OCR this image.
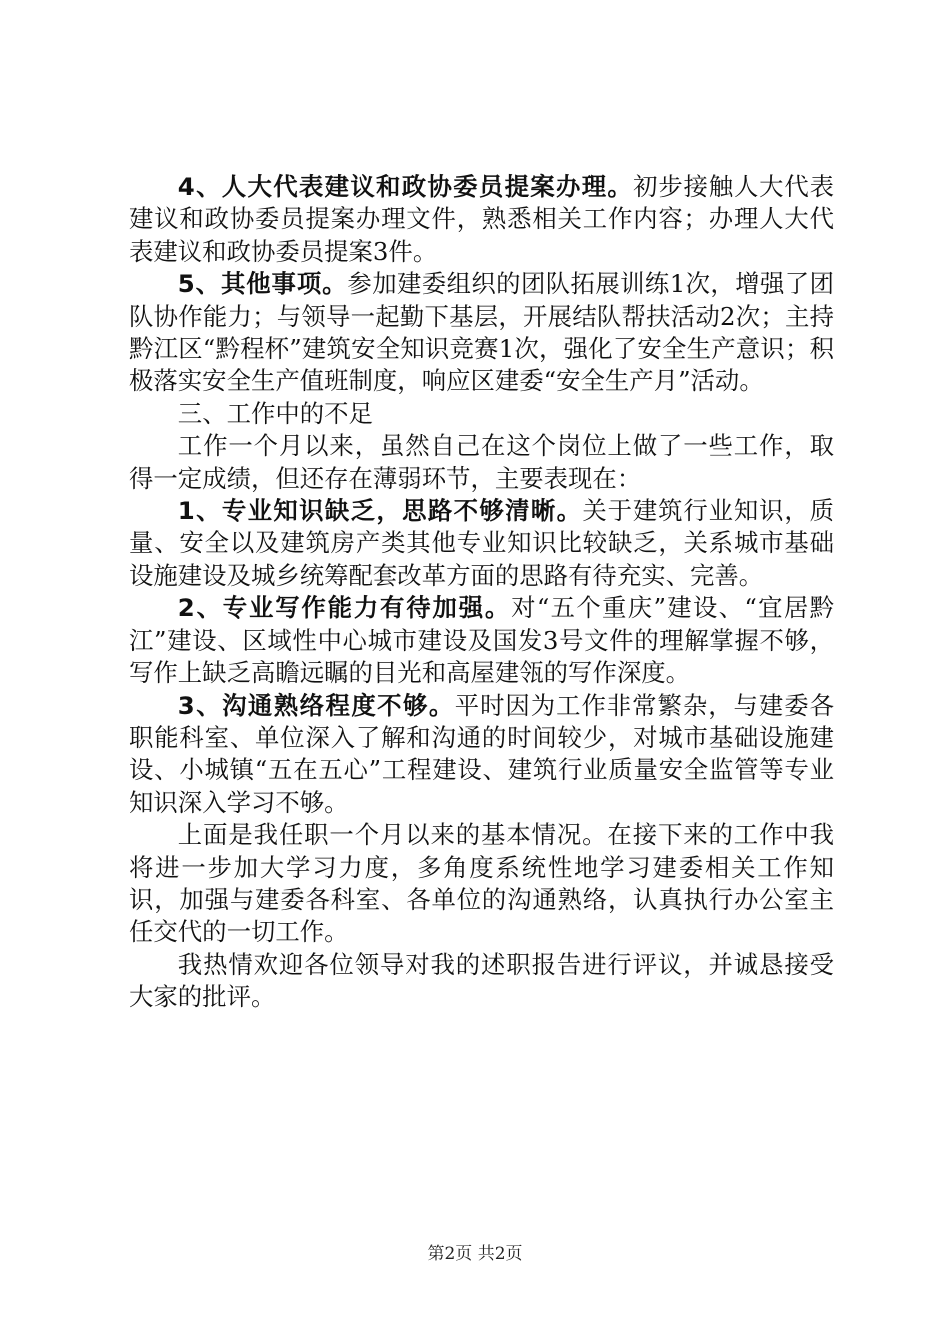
4、人大代表建议和政协委员提案办理。初步接触人大代表建议和政协委员提案办理文件，熟悉相关工作内容；办理人大代表建议和政协委员提案3件。

5、其他事项。参加建委组织的团队拓展训练1次，增强了团队协作能力；与领导一起勤下基层，开展结队帮扶活动2次；主持黔江区“黔程杯”建筑安全知识竞赛1次，强化了安全生产意识；积极落实安全生产值班制度，响应区建委“安全生产月”活动。

三、工作中的不足

工作一个月以来，虽然自己在这个岗位上做了一些工作，取得一定成绩，但还存在薄弱环节，主要表现在：

1、专业知识缺乏，思路不够清晰。关于建筑行业知识，质量、安全以及建筑房产类其他专业知识比较缺乏，关系城市基础设施建设及城乡统筹配套改革方面的思路有待充实、完善。

2、专业写作能力有待加强。对“五个重庆”建设、“宜居黔江”建设、区域性中心城市建设及国发3号文件的理解掌握不够，写作上缺乏高瞻远瞩的目光和高屋建瓴的写作深度。

3、沟通熟络程度不够。平时因为工作非常繁杂，与建委各职能科室、单位深入了解和沟通的时间较少，对城市基础设施建设、小城镇“五在五心”工程建设、建筑行业质量安全监管等专业知识深入学习不够。

上面是我任职一个月以来的基本情况。在接下来的工作中我将进一步加大学习力度，多角度系统性地学习建委相关工作知识，加强与建委各科室、各单位的沟通熟络，认真执行办公室主任交代的一切工作。

我热情欢迎各位领导对我的述职报告进行评议，并诚恳接受大家的批评。

第2页 共2页
